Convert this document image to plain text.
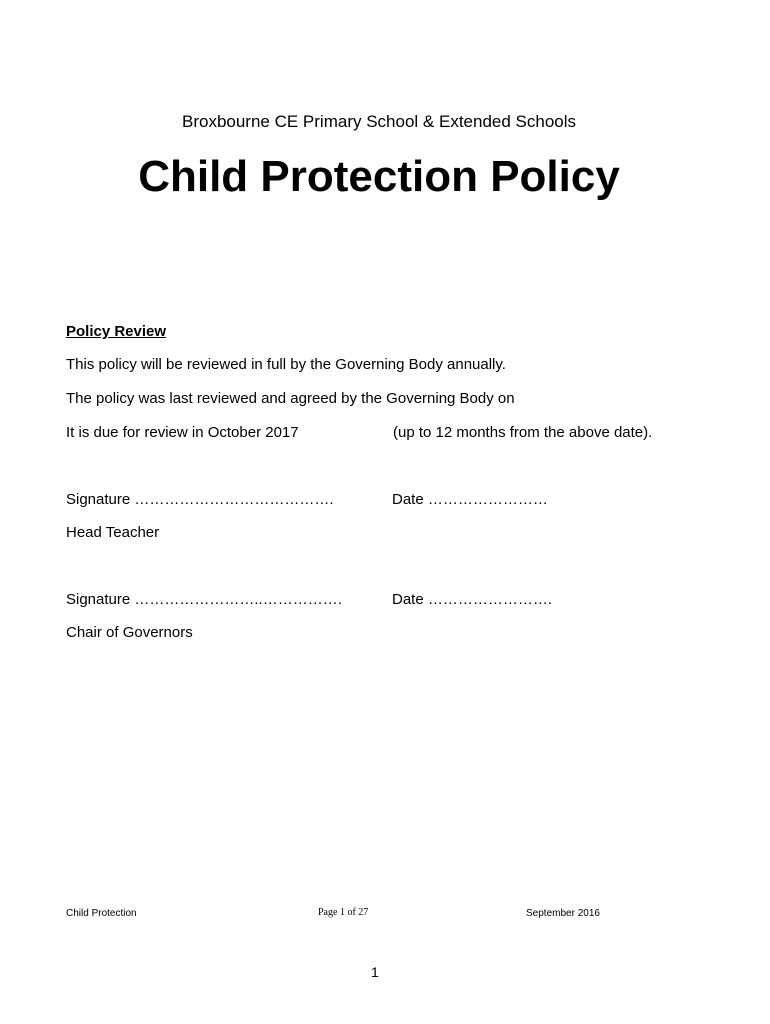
Broxbourne CE Primary School & Extended Schools
Child Protection Policy
Policy Review
This policy will be reviewed in full by the Governing Body annually.
The policy was last reviewed and agreed by the Governing Body on
It is due for review in October 2017	(up to 12 months from the above date).
Signature ………………………………….	Date ……………………
Head Teacher
Signature ……………………..…………….	Date …………………….
Chair of Governors
Child Protection	Page 1 of 27	September 2016
1
